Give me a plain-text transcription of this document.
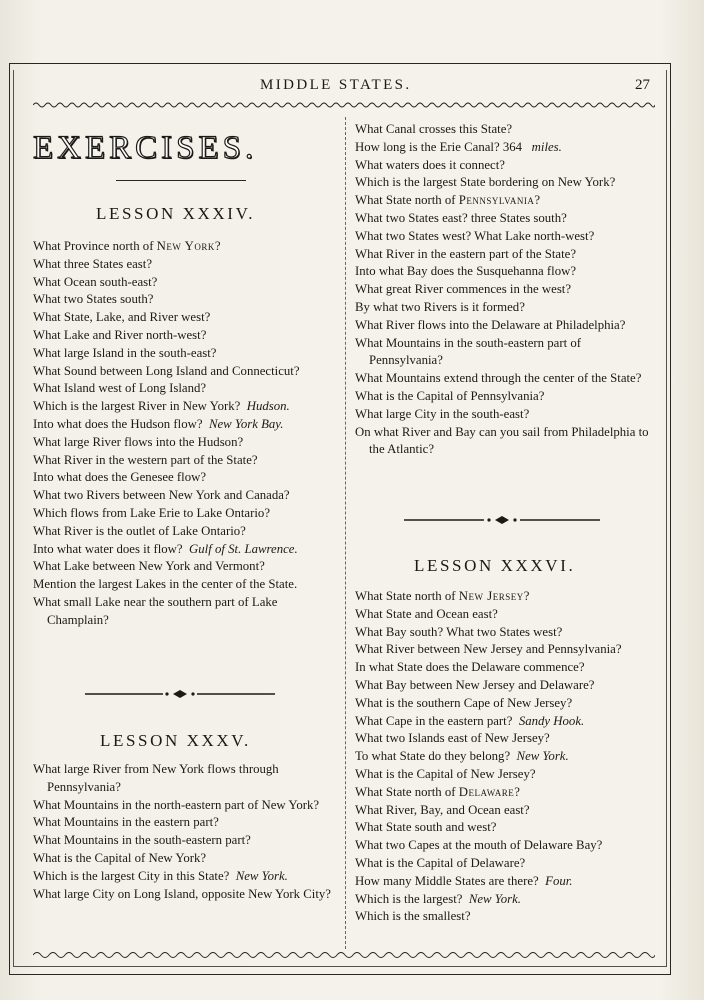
MIDDLE STATES.	27
EXERCISES.
LESSON XXXIV.

What Province north of New York?

What three States east?

What Ocean south-east?

What two States south?

What State, Lake, and River west?

What Lake and River north-west?

What large Island in the south-east?

What Sound between Long Island and Connecticut?

What Island west of Long Island?

Which is the largest River in New York?  Hudson.

Into what does the Hudson flow?  New York Bay.

What large River flows into the Hudson?

What River in the western part of the State?

Into what does the Genesee flow?

What two Rivers between New York and Canada?

Which flows from Lake Erie to Lake Ontario?

What River is the outlet of Lake Ontario?

Into what water does it flow?  Gulf of St. Lawrence.

What Lake between New York and Vermont?

Mention the largest Lakes in the center of the State.

What small Lake near the southern part of Lake Champlain?

LESSON XXXV.

What large River from New York flows through Pennsylvania?

What Mountains in the north-eastern part of New York?

What Mountains in the eastern part?

What Mountains in the south-eastern part?

What is the Capital of New York?

Which is the largest City in this State?  New York.

What large City on Long Island, opposite New York City?

What Canal crosses this State?

How long is the Erie Canal? 364  miles.

What waters does it connect?

Which is the largest State bordering on New York?

What State north of Pennsylvania?

What two States east? three States south?

What two States west? What Lake north-west?

What River in the eastern part of the State?

Into what Bay does the Susquehanna flow?

What great River commences in the west?

By what two Rivers is it formed?

What River flows into the Delaware at Philadelphia?

What Mountains in the south-eastern part of Pennsylvania?

What Mountains extend through the center of the State?

What is the Capital of Pennsylvania?

What large City in the south-east?

On what River and Bay can you sail from Philadelphia to the Atlantic?

LESSON XXXVI.

What State north of New Jersey?

What State and Ocean east?

What Bay south? What two States west?

What River between New Jersey and Pennsylvania?

In what State does the Delaware commence?

What Bay between New Jersey and Delaware?

What is the southern Cape of New Jersey?

What Cape in the eastern part?  Sandy Hook.

What two Islands east of New Jersey?

To what State do they belong?  New York.

What is the Capital of New Jersey?

What State north of Delaware?

What River, Bay, and Ocean east?

What State south and west?

What two Capes at the mouth of Delaware Bay?

What is the Capital of Delaware?

How many Middle States are there?  Four.

Which is the largest?  New York.

Which is the smallest?
